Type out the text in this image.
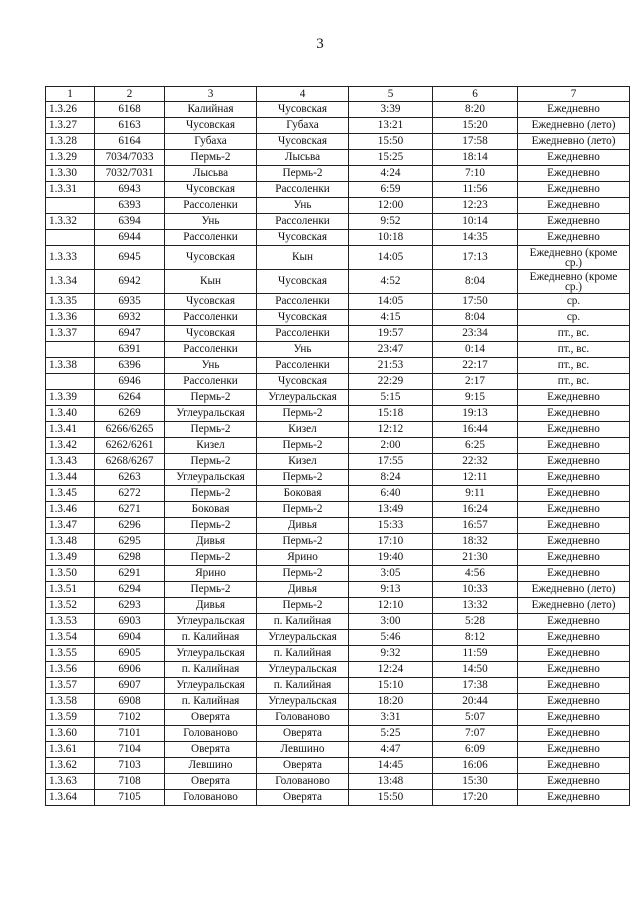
3
1	2	3	4	5	6	7
1.3.26	6168	Калийная	Чусовская	3:39	8:20	Ежедневно
1.3.27	6163	Чусовская	Губаха	13:21	15:20	Ежедневно (лето)
1.3.28	6164	Губаха	Чусовская	15:50	17:58	Ежедневно (лето)
1.3.29	7034/7033	Пермь-2	Лысьва	15:25	18:14	Ежедневно
1.3.30	7032/7031	Лысьва	Пермь-2	4:24	7:10	Ежедневно
1.3.31	6943	Чусовская	Рассоленки	6:59	11:56	Ежедневно
	6393	Рассоленки	Унь	12:00	12:23	Ежедневно
1.3.32	6394	Унь	Рассоленки	9:52	10:14	Ежедневно
	6944	Рассоленки	Чусовская	10:18	14:35	Ежедневно
1.3.33	6945	Чусовская	Кын	14:05	17:13	Ежедневно (кроме ср.)
1.3.34	6942	Кын	Чусовская	4:52	8:04	Ежедневно (кроме ср.)
1.3.35	6935	Чусовская	Рассоленки	14:05	17:50	ср.
1.3.36	6932	Рассоленки	Чусовская	4:15	8:04	ср.
1.3.37	6947	Чусовская	Рассоленки	19:57	23:34	пт., вс.
	6391	Рассоленки	Унь	23:47	0:14	пт., вс.
1.3.38	6396	Унь	Рассоленки	21:53	22:17	пт., вс.
	6946	Рассоленки	Чусовская	22:29	2:17	пт., вс.
1.3.39	6264	Пермь-2	Углеуральская	5:15	9:15	Ежедневно
1.3.40	6269	Углеуральская	Пермь-2	15:18	19:13	Ежедневно
1.3.41	6266/6265	Пермь-2	Кизел	12:12	16:44	Ежедневно
1.3.42	6262/6261	Кизел	Пермь-2	2:00	6:25	Ежедневно
1.3.43	6268/6267	Пермь-2	Кизел	17:55	22:32	Ежедневно
1.3.44	6263	Углеуральская	Пермь-2	8:24	12:11	Ежедневно
1.3.45	6272	Пермь-2	Боковая	6:40	9:11	Ежедневно
1.3.46	6271	Боковая	Пермь-2	13:49	16:24	Ежедневно
1.3.47	6296	Пермь-2	Дивья	15:33	16:57	Ежедневно
1.3.48	6295	Дивья	Пермь-2	17:10	18:32	Ежедневно
1.3.49	6298	Пермь-2	Ярино	19:40	21:30	Ежедневно
1.3.50	6291	Ярино	Пермь-2	3:05	4:56	Ежедневно
1.3.51	6294	Пермь-2	Дивья	9:13	10:33	Ежедневно (лето)
1.3.52	6293	Дивья	Пермь-2	12:10	13:32	Ежедневно (лето)
1.3.53	6903	Углеуральская	п. Калийная	3:00	5:28	Ежедневно
1.3.54	6904	п. Калийная	Углеуральская	5:46	8:12	Ежедневно
1.3.55	6905	Углеуральская	п. Калийная	9:32	11:59	Ежедневно
1.3.56	6906	п. Калийная	Углеуральская	12:24	14:50	Ежедневно
1.3.57	6907	Углеуральская	п. Калийная	15:10	17:38	Ежедневно
1.3.58	6908	п. Калийная	Углеуральская	18:20	20:44	Ежедневно
1.3.59	7102	Оверята	Голованово	3:31	5:07	Ежедневно
1.3.60	7101	Голованово	Оверята	5:25	7:07	Ежедневно
1.3.61	7104	Оверята	Левшино	4:47	6:09	Ежедневно
1.3.62	7103	Левшино	Оверята	14:45	16:06	Ежедневно
1.3.63	7108	Оверята	Голованово	13:48	15:30	Ежедневно
1.3.64	7105	Голованово	Оверята	15:50	17:20	Ежедневно
